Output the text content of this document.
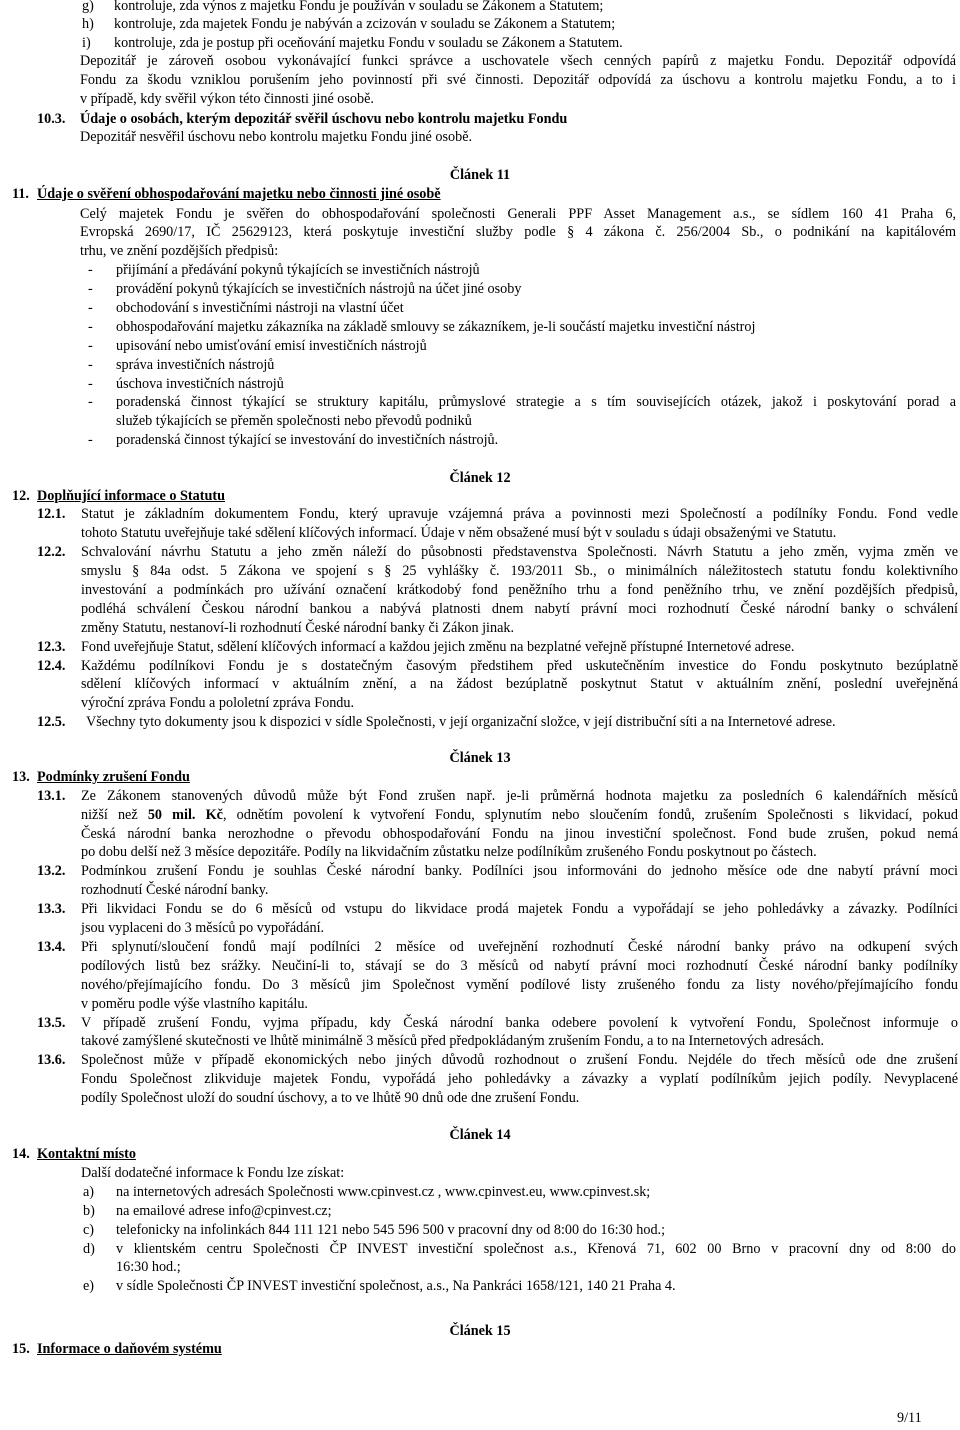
g) kontroluje, zda výnos z majetku Fondu je používán v souladu se Zákonem a Statutem;
h) kontroluje, zda majetek Fondu je nabýván a zcizován v souladu se Zákonem a Statutem;
i) kontroluje, zda je postup při oceňování majetku Fondu v souladu se Zákonem a Statutem.
Depozitář je zároveň osobou vykonávající funkci správce a uschovatele všech cenných papírů z majetku Fondu. Depozitář odpovídá
Fondu za škodu vzniklou porušením jeho povinností při své činnosti. Depozitář odpovídá za úschovu a kontrolu majetku Fondu, a to i
v případě, kdy svěřil výkon této činnosti jiné osobě.
10.3. Údaje o osobách, kterým depozitář svěřil úschovu nebo kontrolu majetku Fondu
Depozitář nesvěřil úschovu nebo kontrolu majetku Fondu jiné osobě.
Článek 11
11. Údaje o svěření obhospodařování majetku nebo činnosti jiné osobě
Celý majetek Fondu je svěřen do obhospodařování společnosti Generali PPF Asset Management a.s., se sídlem 160 41 Praha 6,
Evropská 2690/17, IČ 25629123, která poskytuje investiční služby podle § 4 zákona č. 256/2004 Sb., o podnikání na kapitálovém
trhu, ve znění pozdějších předpisů:
- přijímání a předávání pokynů týkajících se investičních nástrojů
- provádění pokynů týkajících se investičních nástrojů na účet jiné osoby
- obchodování s investičními nástroji na vlastní účet
- obhospodařování majetku zákazníka na základě smlouvy se zákazníkem, je-li součástí majetku investiční nástroj
- upisování nebo umisťování emisí investičních nástrojů
- správa investičních nástrojů
- úschova investičních nástrojů
- poradenská činnost týkající se struktury kapitálu, průmyslové strategie a s tím souvisejících otázek, jakož i poskytování porad a
služeb týkajících se přeměn společnosti nebo převodů podniků
- poradenská činnost týkající se investování do investičních nástrojů.
Článek 12
12. Doplňující informace o Statutu
12.1. Statut je základním dokumentem Fondu, který upravuje vzájemná práva a povinnosti mezi Společností a podílníky Fondu. Fond vedle
tohoto Statutu uveřejňuje také sdělení klíčových informací. Údaje v něm obsažené musí být v souladu s údaji obsaženými ve Statutu.
12.2. Schvalování návrhu Statutu a jeho změn náleží do působnosti představenstva Společnosti. Návrh Statutu a jeho změn, vyjma změn ve
smyslu § 84a odst. 5 Zákona ve spojení s § 25 vyhlášky č. 193/2011 Sb., o minimálních náležitostech statutu fondu kolektivního
investování a podmínkách pro užívání označení krátkodobý fond peněžního trhu a fond peněžního trhu, ve znění pozdějších předpisů,
podléhá schválení Českou národní bankou a nabývá platnosti dnem nabytí právní moci rozhodnutí České národní banky o schválení
změny Statutu, nestanoví-li rozhodnutí České národní banky či Zákon jinak.
12.3. Fond uveřejňuje Statut, sdělení klíčových informací a každou jejich změnu na bezplatné veřejně přístupné Internetové adrese.
12.4. Každému podílníkovi Fondu je s dostatečným časovým předstihem před uskutečněním investice do Fondu poskytnuto bezúplatně
sdělení klíčových informací v aktuálním znění, a na žádost bezúplatně poskytnut Statut v aktuálním znění, poslední uveřejněná
výroční zpráva Fondu a pololetní zpráva Fondu.
12.5. Všechny tyto dokumenty jsou k dispozici v sídle Společnosti, v její organizační složce, v její distribuční síti a na Internetové adrese.
Článek 13
13. Podmínky zrušení Fondu
13.1. Ze Zákonem stanovených důvodů může být Fond zrušen např. je-li průměrná hodnota majetku za posledních 6 kalendářních měsíců
nižší než 50 mil. Kč, odnětím povolení k vytvoření Fondu, splynutím nebo sloučením fondů, zrušením Společnosti s likvidací, pokud
Česká národní banka nerozhodne o převodu obhospodařování Fondu na jinou investiční společnost. Fond bude zrušen, pokud nemá
po dobu delší než 3 měsíce depozitáře. Podíly na likvidačním zůstatku nelze podílníkům zrušeného Fondu poskytnout po částech.
13.2. Podmínkou zrušení Fondu je souhlas České národní banky. Podílníci jsou informováni do jednoho měsíce ode dne nabytí právní moci
rozhodnutí České národní banky.
13.3. Při likvidaci Fondu se do 6 měsíců od vstupu do likvidace prodá majetek Fondu a vypořádají se jeho pohledávky a závazky. Podílníci
jsou vyplaceni do 3 měsíců po vypořádání.
13.4. Při splynutí/sloučení fondů mají podílníci 2 měsíce od uveřejnění rozhodnutí České národní banky právo na odkupení svých
podílových listů bez srážky. Neučiní-li to, stávají se do 3 měsíců od nabytí právní moci rozhodnutí České národní banky podílníky
nového/přejímajícího fondu. Do 3 měsíců jim Společnost vymění podílové listy zrušeného fondu za listy nového/přejímajícího fondu
v poměru podle výše vlastního kapitálu.
13.5. V případě zrušení Fondu, vyjma případu, kdy Česká národní banka odebere povolení k vytvoření Fondu, Společnost informuje o
takové zamýšlené skutečnosti ve lhůtě minimálně 3 měsíců před předpokládaným zrušením Fondu, a to na Internetových adresách.
13.6. Společnost může v případě ekonomických nebo jiných důvodů rozhodnout o zrušení Fondu. Nejdéle do třech měsíců ode dne zrušení
Fondu Společnost zlikviduje majetek Fondu, vypořádá jeho pohledávky a závazky a vyplatí podílníkům jejich podíly. Nevyplacené
podíly Společnost uloží do soudní úschovy, a to ve lhůtě 90 dnů ode dne zrušení Fondu.
Článek 14
14. Kontaktní místo
Další dodatečné informace k Fondu lze získat:
a) na internetových adresách Společnosti www.cpinvest.cz , www.cpinvest.eu, www.cpinvest.sk;
b) na emailové adrese info@cpinvest.cz;
c) telefonicky na infolinkách 844 111 121 nebo 545 596 500 v pracovní dny od 8:00 do 16:30 hod.;
d) v klientském centru Společnosti ČP INVEST investiční společnost a.s., Křenová 71, 602 00 Brno v pracovní dny od 8:00 do
16:30 hod.;
e) v sídle Společnosti ČP INVEST investiční společnost, a.s., Na Pankráci 1658/121, 140 21 Praha 4.
Článek 15
15. Informace o daňovém systému
9/11
